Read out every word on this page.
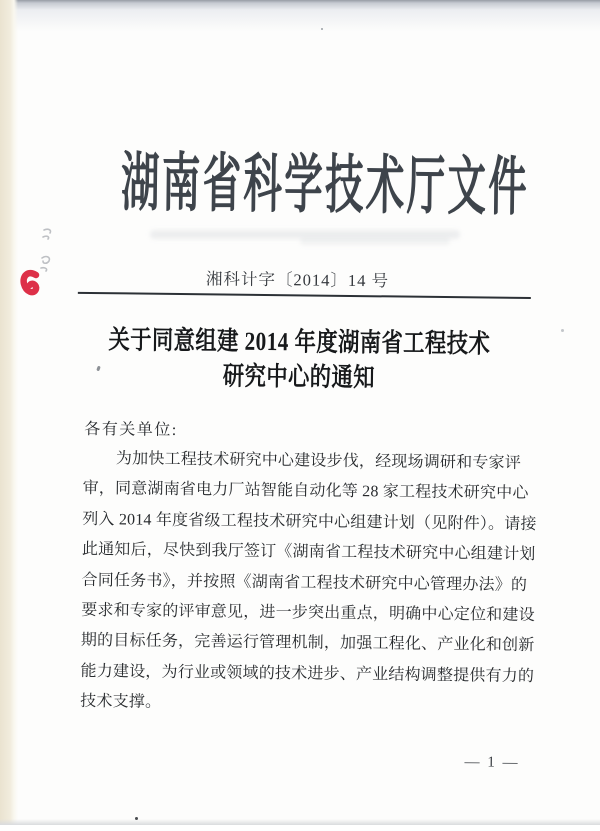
湖南省科学技术厅文件
湘科计字〔2014〕14 号
关于同意组建 2014 年度湖南省工程技术
研究中心的通知
各有关单位:
为加快工程技术研究中心建设步伐，经现场调研和专家评
审，同意湖南省电力厂站智能自动化等 28 家工程技术研究中心
列入 2014 年度省级工程技术研究中心组建计划（见附件）。请接
此通知后，尽快到我厅签订《湖南省工程技术研究中心组建计划
合同任务书》，并按照《湖南省工程技术研究中心管理办法》的
要求和专家的评审意见，进一步突出重点，明确中心定位和建设
期的目标任务，完善运行管理机制，加强工程化、产业化和创新
能力建设，为行业或领域的技术进步、产业结构调整提供有力的
技术支撑。
— 1 —
